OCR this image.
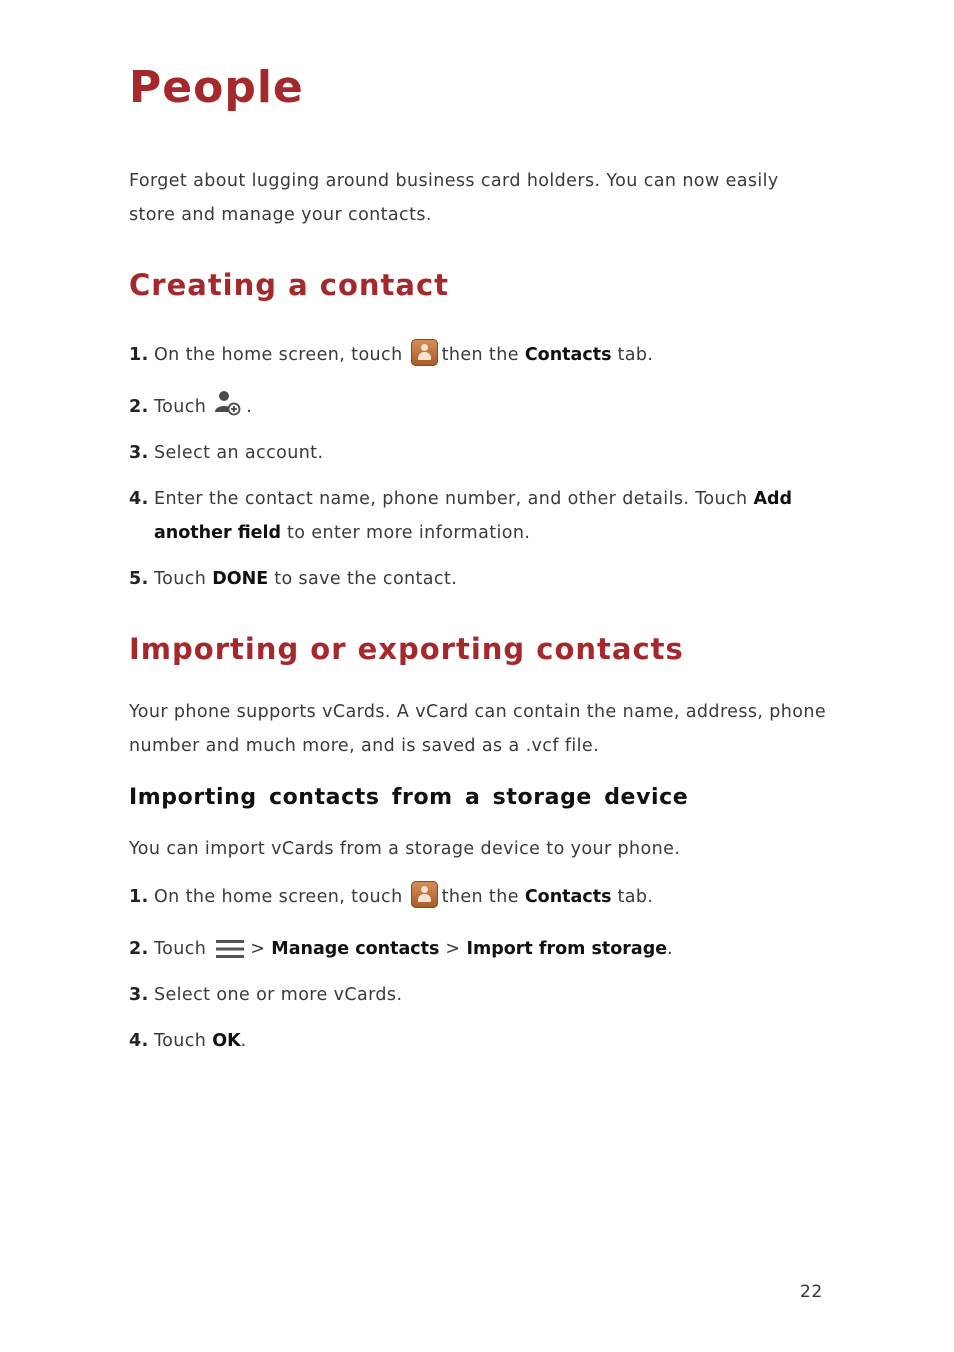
People

Forget about lugging around business card holders. You can now easily store and manage your contacts.

Creating a contact
1. On the home screen, touch then the Contacts tab.
2. Touch .
3. Select an account.
4. Enter the contact name, phone number, and other details. Touch Add another field to enter more information.
5. Touch DONE to save the contact.
Importing or exporting contacts

Your phone supports vCards. A vCard can contain the name, address, phone number and much more, and is saved as a .vcf file.

Importing contacts from a storage device

You can import vCards from a storage device to your phone.

1. On the home screen, touch then the Contacts tab.
2. Touch	> Manage contacts > Import from storage.
3. Select one or more vCards.
4. Touch OK.
22
